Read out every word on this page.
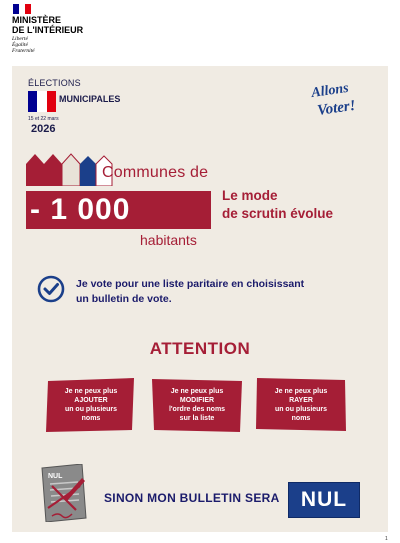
MINISTÈRE
DE L'INTÉRIEUR
Liberté
Égalité
Fraternité
ÉLECTIONS
MUNICIPALES
15 et 22 mars
2026
Allons
Voter!
Communes de
- 1 000
habitants
Le mode
de scrutin évolue
Je vote pour une liste paritaire en choisissant
un bulletin de vote.
ATTENTION
Je ne peux plus
AJOUTER
un ou plusieurs
noms
Je ne peux plus
MODIFIER
l'ordre des noms
sur la liste
Je ne peux plus
RAYER
un ou plusieurs
noms
NUL
SINON MON BULLETIN SERA	NUL
1
